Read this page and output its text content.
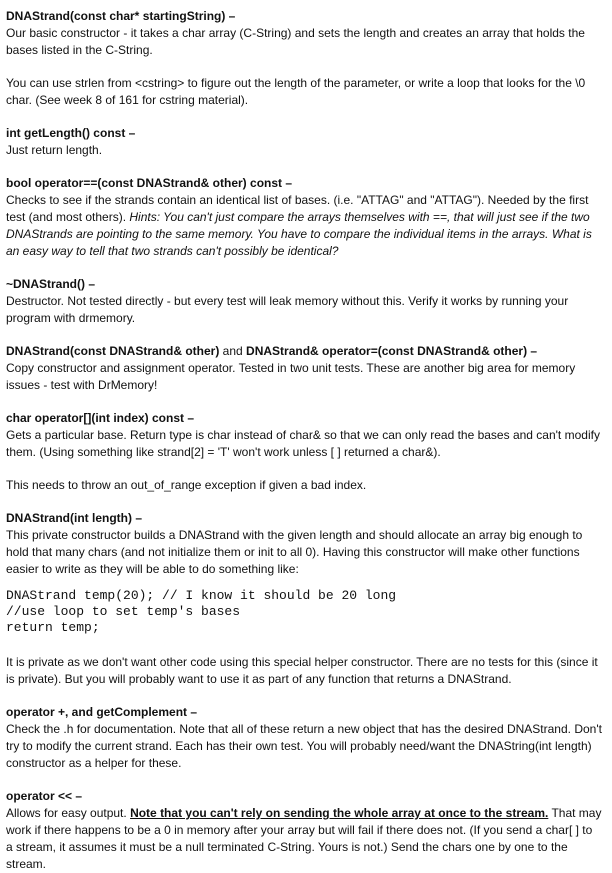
DNAStrand(const char* startingString) –

Our basic constructor - it takes a char array (C-String) and sets the length and creates an array that holds the bases listed in the C-String.

You can use strlen from <cstring> to figure out the length of the parameter, or write a loop that looks for the \0 char. (See week 8 of 161 for cstring material).

int getLength() const –

Just return length.

bool operator==(const DNAStrand& other) const –

Checks to see if the strands contain an identical list of bases. (i.e. "ATTAG" and "ATTAG"). Needed by the first test (and most others). Hints: You can't just compare the arrays themselves with ==, that will just see if the two DNAStrands are pointing to the same memory. You have to compare the individual items in the arrays. What is an easy way to tell that two strands can't possibly be identical?

~DNAStrand() –

Destructor. Not tested directly - but every test will leak memory without this. Verify it works by running your program with drmemory.

DNAStrand(const DNAStrand& other) and DNAStrand& operator=(const DNAStrand& other) –

Copy constructor and assignment operator. Tested in two unit tests. These are another big area for memory issues - test with DrMemory!

char operator[](int index) const –

Gets a particular base. Return type is char instead of char& so that we can only read the bases and can't modify them. (Using something like strand[2] = 'T' won't work unless [ ] returned a char&).

This needs to throw an out_of_range exception if given a bad index.

DNAStrand(int length) –

This private constructor builds a DNAStrand with the given length and should allocate an array big enough to hold that many chars (and not initialize them or init to all 0). Having this constructor will make other functions easier to write as they will be able to do something like:

DNAStrand temp(20); // I know it should be 20 long

//use loop to set temp's bases

return temp;

It is private as we don't want other code using this special helper constructor. There are no tests for this (since it is private). But you will probably want to use it as part of any function that returns a DNAStrand.

operator +, and getComplement –

Check the .h for documentation. Note that all of these return a new object that has the desired DNAStrand. Don't try to modify the current strand. Each has their own test. You will probably need/want the DNAString(int length) constructor as a helper for these.

operator << –

Allows for easy output. Note that you can't rely on sending the whole array at once to the stream. That may work if there happens to be a 0 in memory after your array but will fail if there does not. (If you send a char[ ] to a stream, it assumes it must be a null terminated C-String. Yours is not.) Send the chars one by one to the stream.
